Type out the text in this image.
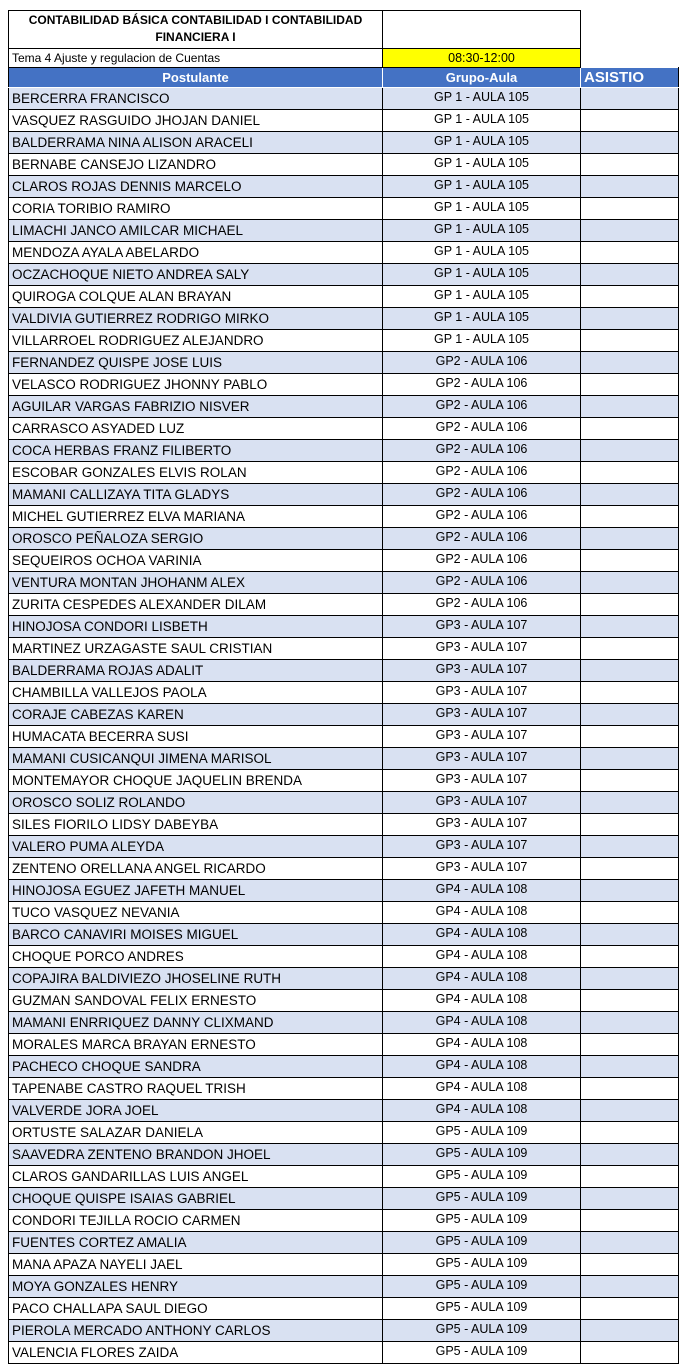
CONTABILIDAD BÁSICA CONTABILIDAD I CONTABILIDAD
FINANCIERA I		

Tema 4 Ajuste y regulacion de Cuentas	08:30-12:00	
Postulante	Grupo-Aula	ASISTIO
BERCERRA FRANCISCO	GP 1 - AULA 105	
VASQUEZ RASGUIDO JHOJAN DANIEL	GP 1 - AULA 105	
BALDERRAMA NINA ALISON ARACELI	GP 1 - AULA 105	
BERNABE CANSEJO LIZANDRO	GP 1 - AULA 105	
CLAROS ROJAS DENNIS MARCELO	GP 1 - AULA 105	
CORIA TORIBIO RAMIRO	GP 1 - AULA 105	
LIMACHI JANCO AMILCAR MICHAEL	GP 1 - AULA 105	
MENDOZA AYALA ABELARDO	GP 1 - AULA 105	
OCZACHOQUE NIETO ANDREA SALY	GP 1 - AULA 105	
QUIROGA COLQUE ALAN BRAYAN	GP 1 - AULA 105	
VALDIVIA GUTIERREZ RODRIGO MIRKO	GP 1 - AULA 105	
VILLARROEL RODRIGUEZ ALEJANDRO	GP 1 - AULA 105	
FERNANDEZ QUISPE JOSE LUIS	GP2 - AULA 106	
VELASCO RODRIGUEZ JHONNY PABLO	GP2 - AULA 106	
AGUILAR VARGAS FABRIZIO NISVER	GP2 - AULA 106	
CARRASCO ASYADED LUZ	GP2 - AULA 106	
COCA HERBAS FRANZ FILIBERTO	GP2 - AULA 106	
ESCOBAR GONZALES ELVIS ROLAN	GP2 - AULA 106	
MAMANI CALLIZAYA TITA GLADYS	GP2 - AULA 106	
MICHEL GUTIERREZ ELVA MARIANA	GP2 - AULA 106	
OROSCO PEÑALOZA SERGIO	GP2 - AULA 106	
SEQUEIROS OCHOA VARINIA	GP2 - AULA 106	
VENTURA MONTAN JHOHANM ALEX	GP2 - AULA 106	
ZURITA CESPEDES ALEXANDER DILAM	GP2 - AULA 106	
HINOJOSA CONDORI LISBETH	GP3 - AULA 107	
MARTINEZ URZAGASTE SAUL CRISTIAN	GP3 - AULA 107	
BALDERRAMA ROJAS ADALIT	GP3 - AULA 107	
CHAMBILLA VALLEJOS PAOLA	GP3 - AULA 107	
CORAJE CABEZAS KAREN	GP3 - AULA 107	
HUMACATA BECERRA SUSI	GP3 - AULA 107	
MAMANI CUSICANQUI JIMENA MARISOL	GP3 - AULA 107	
MONTEMAYOR CHOQUE JAQUELIN BRENDA	GP3 - AULA 107	
OROSCO SOLIZ ROLANDO	GP3 - AULA 107	
SILES FIORILO LIDSY DABEYBA	GP3 - AULA 107	
VALERO PUMA ALEYDA	GP3 - AULA 107	
ZENTENO ORELLANA ANGEL RICARDO	GP3 - AULA 107	
HINOJOSA EGUEZ JAFETH MANUEL	GP4 - AULA 108	
TUCO VASQUEZ NEVANIA	GP4 - AULA 108	
BARCO CANAVIRI MOISES MIGUEL	GP4 - AULA 108	
CHOQUE PORCO ANDRES	GP4 - AULA 108	
COPAJIRA BALDIVIEZO JHOSELINE RUTH	GP4 - AULA 108	
GUZMAN SANDOVAL FELIX ERNESTO	GP4 - AULA 108	
MAMANI ENRRIQUEZ DANNY CLIXMAND	GP4 - AULA 108	
MORALES MARCA BRAYAN ERNESTO	GP4 - AULA 108	
PACHECO CHOQUE SANDRA	GP4 - AULA 108	
TAPENABE CASTRO RAQUEL TRISH	GP4 - AULA 108	
VALVERDE JORA JOEL	GP4 - AULA 108	
ORTUSTE SALAZAR DANIELA	GP5 - AULA 109	
SAAVEDRA ZENTENO BRANDON JHOEL	GP5 - AULA 109	
CLAROS GANDARILLAS LUIS ANGEL	GP5 - AULA 109	
CHOQUE QUISPE ISAIAS GABRIEL	GP5 - AULA 109	
CONDORI TEJILLA ROCIO CARMEN	GP5 - AULA 109	
FUENTES CORTEZ AMALIA	GP5 - AULA 109	
MANA APAZA NAYELI JAEL	GP5 - AULA 109	
MOYA GONZALES HENRY	GP5 - AULA 109	
PACO CHALLAPA SAUL DIEGO	GP5 - AULA 109	
PIEROLA MERCADO ANTHONY CARLOS	GP5 - AULA 109	
VALENCIA FLORES ZAIDA	GP5 - AULA 109	
